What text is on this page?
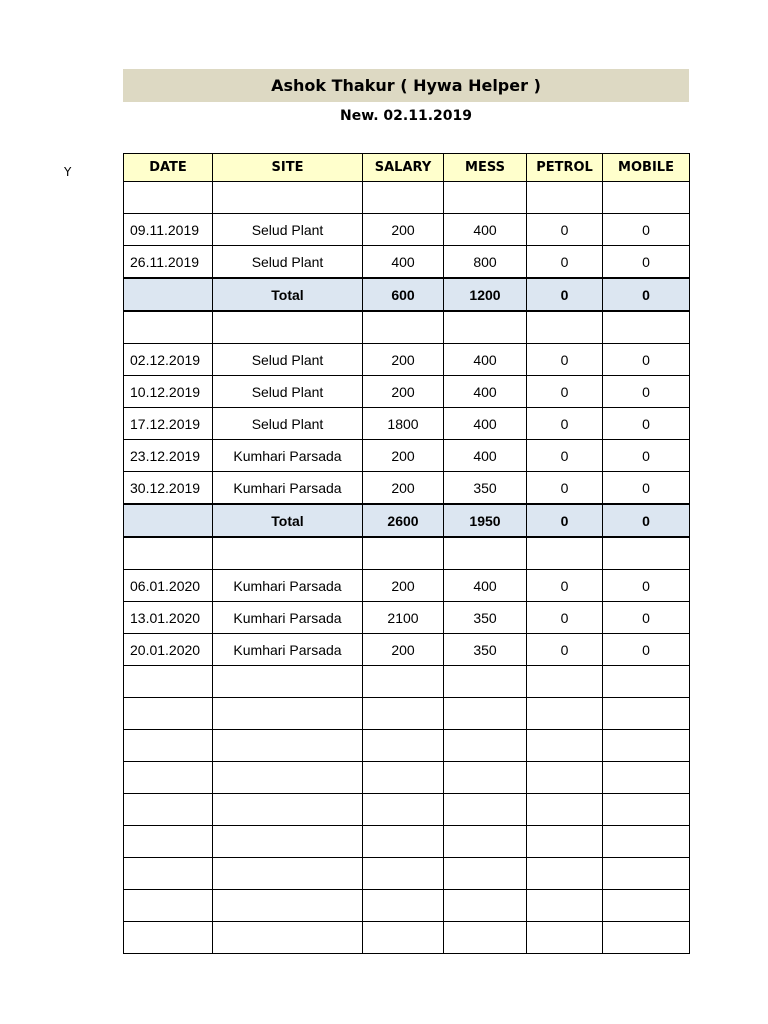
Ashok Thakur ( Hywa Helper )
New. 02.11.2019
Y	DATE	SITE	SALARY	MESS	PETROL	MOBILE

09.11.2019	Selud Plant	200	400	0	0
26.11.2019	Selud Plant	400	800	0	0
	Total	600	1200	0	0

02.12.2019	Selud Plant	200	400	0	0
10.12.2019	Selud Plant	200	400	0	0
17.12.2019	Selud Plant	1800	400	0	0
23.12.2019	Kumhari Parsada	200	400	0	0
30.12.2019	Kumhari Parsada	200	350	0	0
	Total	2600	1950	0	0

06.01.2020	Kumhari Parsada	200	400	0	0
13.01.2020	Kumhari Parsada	2100	350	0	0
20.01.2020	Kumhari Parsada	200	350	0	0
